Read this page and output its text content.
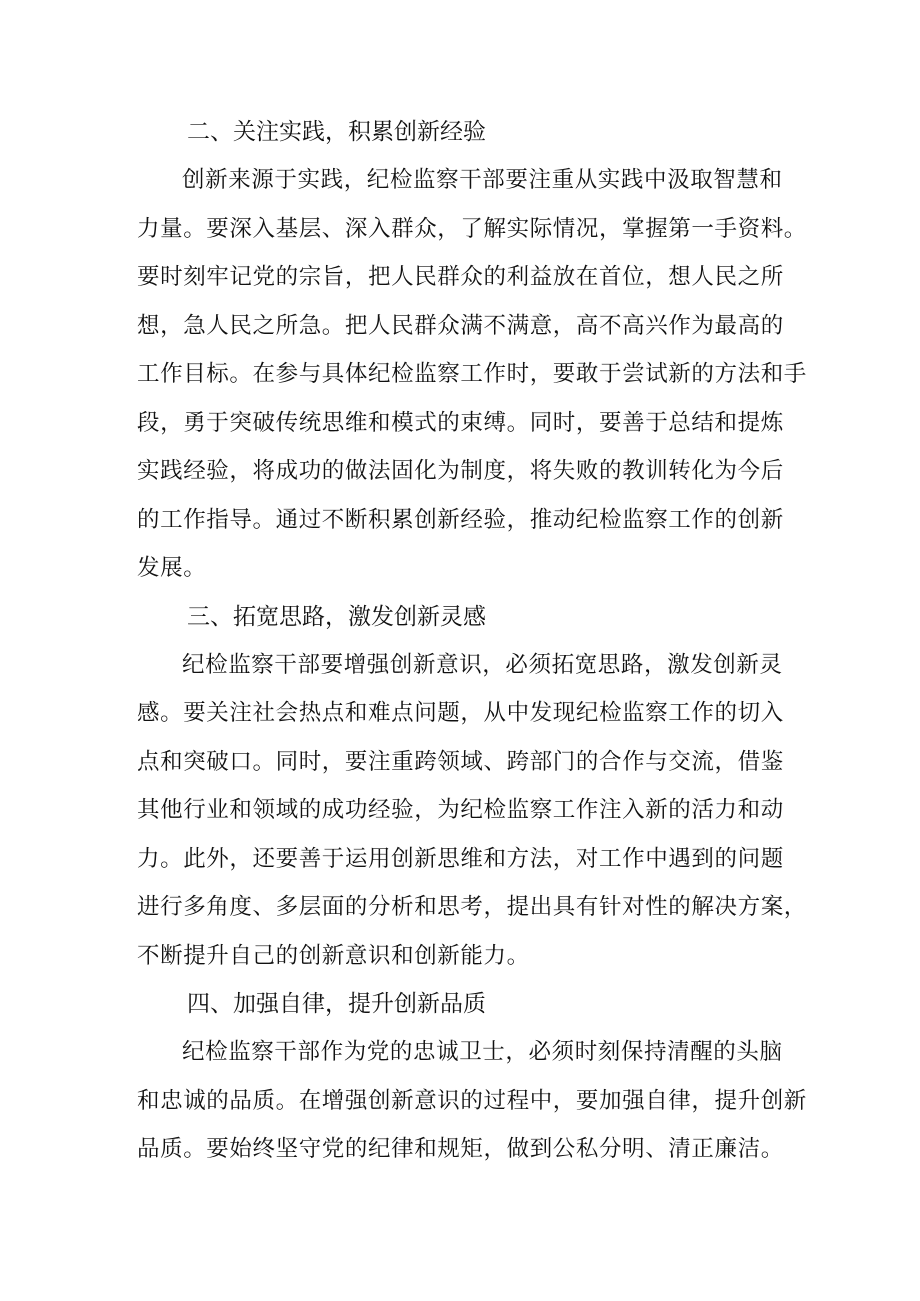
二、关注实践，积累创新经验

创新来源于实践，纪检监察干部要注重从实践中汲取智慧和
力量。要深入基层、深入群众，了解实际情况，掌握第一手资料。
要时刻牢记党的宗旨，把人民群众的利益放在首位，想人民之所
想，急人民之所急。把人民群众满不满意，高不高兴作为最高的
工作目标。在参与具体纪检监察工作时，要敢于尝试新的方法和手
段，勇于突破传统思维和模式的束缚。同时，要善于总结和提炼
实践经验，将成功的做法固化为制度，将失败的教训转化为今后
的工作指导。通过不断积累创新经验，推动纪检监察工作的创新
发展。

三、拓宽思路，激发创新灵感

纪检监察干部要增强创新意识，必须拓宽思路，激发创新灵
感。要关注社会热点和难点问题，从中发现纪检监察工作的切入
点和突破口。同时，要注重跨领域、跨部门的合作与交流，借鉴
其他行业和领域的成功经验，为纪检监察工作注入新的活力和动
力。此外，还要善于运用创新思维和方法，对工作中遇到的问题
进行多角度、多层面的分析和思考，提出具有针对性的解决方案，
不断提升自己的创新意识和创新能力。

四、加强自律，提升创新品质

纪检监察干部作为党的忠诚卫士，必须时刻保持清醒的头脑
和忠诚的品质。在增强创新意识的过程中，要加强自律，提升创新
品质。要始终坚守党的纪律和规矩，做到公私分明、清正廉洁。
